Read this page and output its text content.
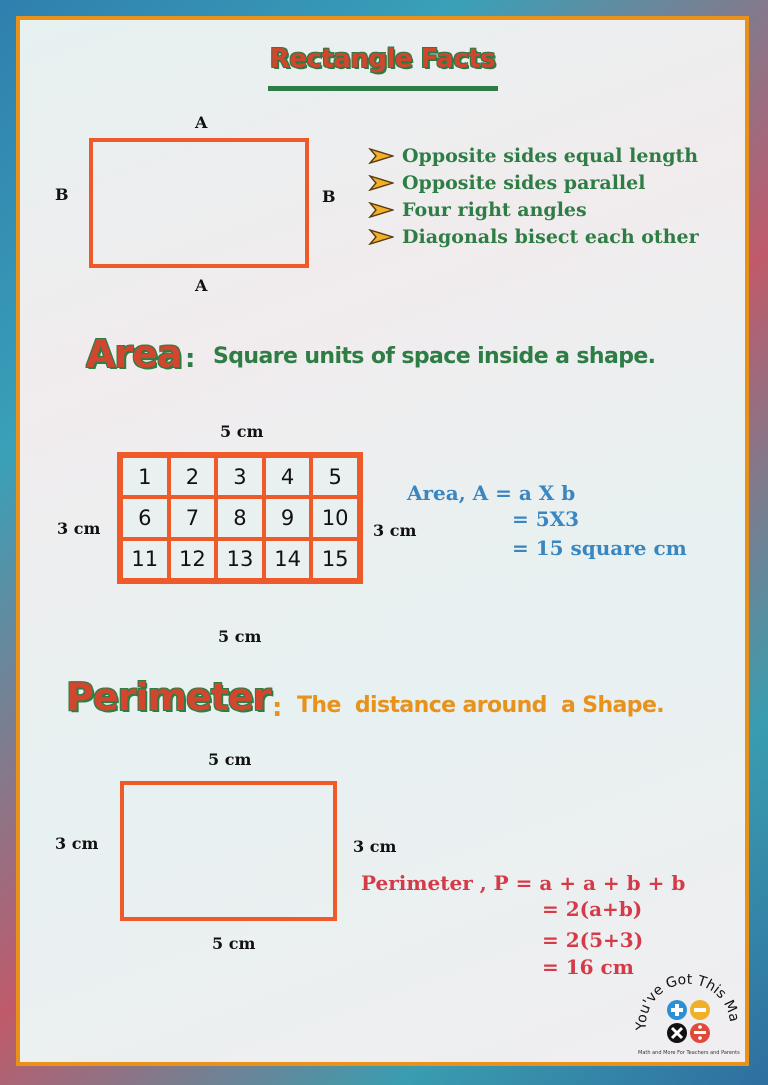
Rectangle Facts
A
B	B
A
Opposite sides equal length
Opposite sides parallel
Four right angles
Diagonals bisect each other
Area : Square units of space inside a shape.
5 cm
3 cm	3 cm
5 cm
1	2	3	4	5
6	7	8	9	10
11 12 13 14 15
Area, A = a X b
= 5X3
= 15 square cm
Perimeter : The  distance around  a Shape.
5 cm
3 cm	3 cm
5 cm
Perimeter , P = a + a + b + b
= 2(a+b)
= 2(5+3)
= 16 cm
You've Got This Ma
Math and More For Teachers and Parents
